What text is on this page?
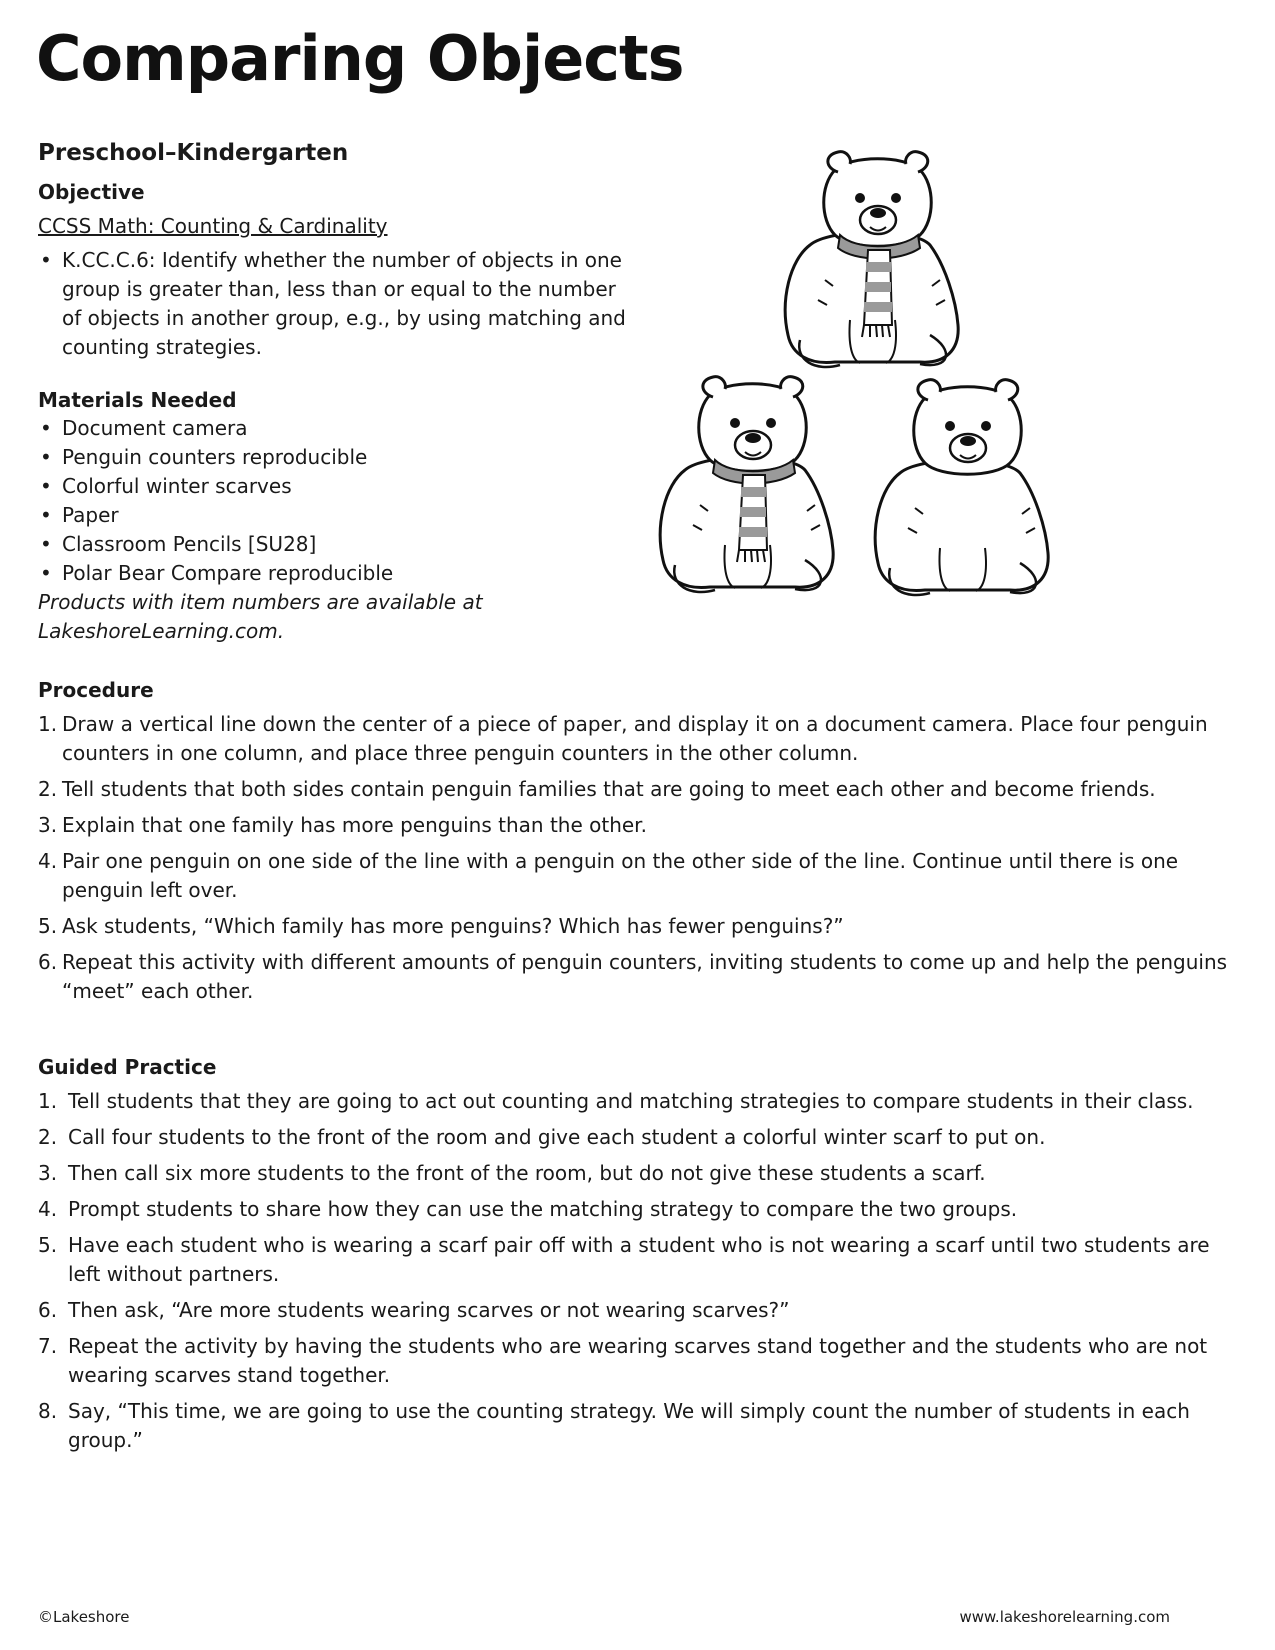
Comparing Objects
Preschool–Kindergarten
Objective
CCSS Math: Counting & Cardinality
• K.CC.C.6: Identify whether the number of objects in one group is greater than, less than or equal to the number of objects in another group, e.g., by using matching and counting strategies.
Materials Needed
• Document camera
• Penguin counters reproducible
• Colorful winter scarves
• Paper
• Classroom Pencils [SU28]
• Polar Bear Compare reproducible

Products with item numbers are available at LakeshoreLearning.com.

Procedure
1. Draw a vertical line down the center of a piece of paper, and display it on a document camera. Place four penguin counters in one column, and place three penguin counters in the other column.
2. Tell students that both sides contain penguin families that are going to meet each other and become friends.
3. Explain that one family has more penguins than the other.
4. Pair one penguin on one side of the line with a penguin on the other side of the line. Continue until there is one penguin left over.
5. Ask students, “Which family has more penguins? Which has fewer penguins?”
6. Repeat this activity with different amounts of penguin counters, inviting students to come up and help the penguins “meet” each other.
Guided Practice
1. Tell students that they are going to act out counting and matching strategies to compare students in their class.
2. Call four students to the front of the room and give each student a colorful winter scarf to put on.
3. Then call six more students to the front of the room, but do not give these students a scarf.
4. Prompt students to share how they can use the matching strategy to compare the two groups.
5. Have each student who is wearing a scarf pair off with a student who is not wearing a scarf until two students are left without partners.
6. Then ask, “Are more students wearing scarves or not wearing scarves?”
7. Repeat the activity by having the students who are wearing scarves stand together and the students who are not wearing scarves stand together.
8. Say, “This time, we are going to use the counting strategy. We will simply count the number of students in each group.”
©Lakeshore	www.lakeshorelearning.com
